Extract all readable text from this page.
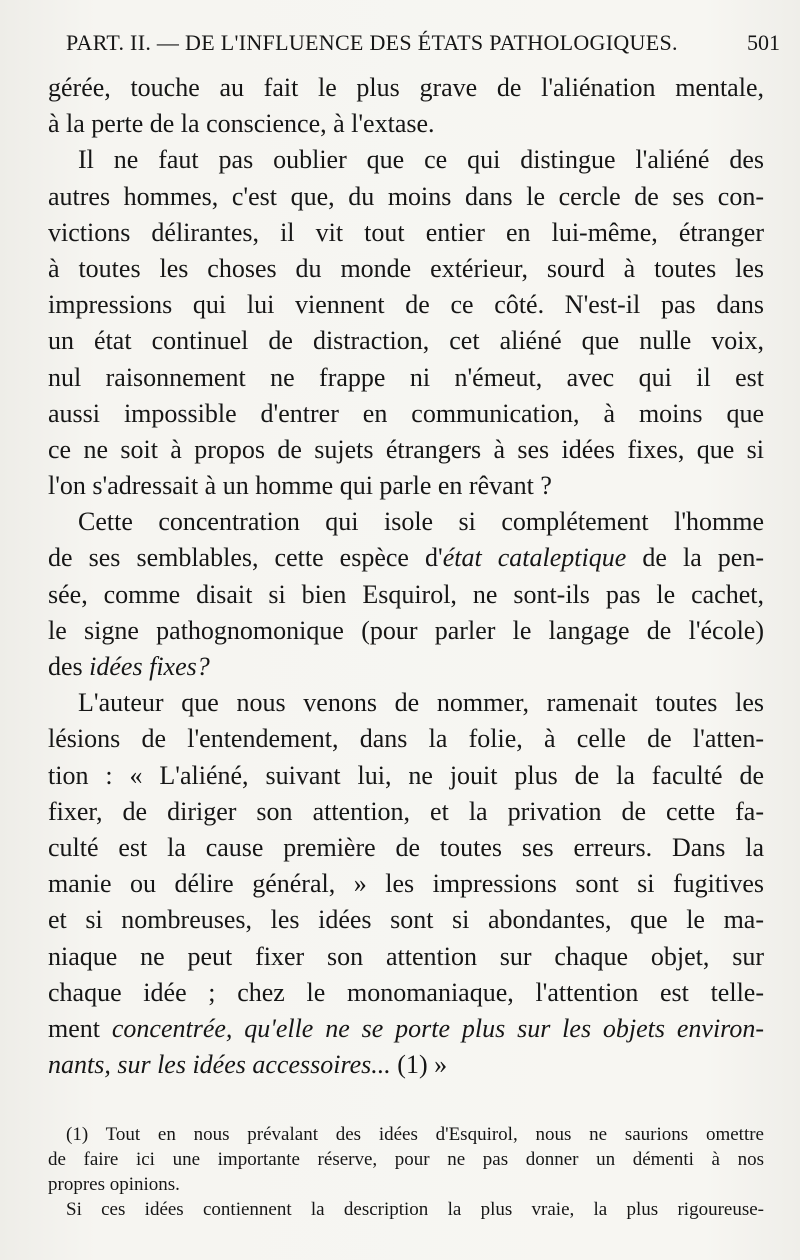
PART. II. — DE L'INFLUENCE DES ÉTATS PATHOLOGIQUES.	501
gérée, touche au fait le plus grave de l'aliénation mentale,
à la perte de la conscience, à l'extase.
Il ne faut pas oublier que ce qui distingue l'aliéné des
autres hommes, c'est que, du moins dans le cercle de ses con-
victions délirantes, il vit tout entier en lui-même, étranger
à toutes les choses du monde extérieur, sourd à toutes les
impressions qui lui viennent de ce côté. N'est-il pas dans
un état continuel de distraction, cet aliéné que nulle voix,
nul raisonnement ne frappe ni n'émeut, avec qui il est
aussi impossible d'entrer en communication, à moins que
ce ne soit à propos de sujets étrangers à ses idées fixes, que si
l'on s'adressait à un homme qui parle en rêvant ?
Cette concentration qui isole si complétement l'homme
de ses semblables, cette espèce d'état cataleptique de la pen-
sée, comme disait si bien Esquirol, ne sont-ils pas le cachet,
le signe pathognomonique (pour parler le langage de l'école)
des idées fixes?
L'auteur que nous venons de nommer, ramenait toutes les
lésions de l'entendement, dans la folie, à celle de l'atten-
tion : « L'aliéné, suivant lui, ne jouit plus de la faculté de
fixer, de diriger son attention, et la privation de cette fa-
culté est la cause première de toutes ses erreurs. Dans la
manie ou délire général, » les impressions sont si fugitives
et si nombreuses, les idées sont si abondantes, que le ma-
niaque ne peut fixer son attention sur chaque objet, sur
chaque idée ; chez le monomaniaque, l'attention est telle-
ment concentrée, qu'elle ne se porte plus sur les objets environ-
nants, sur les idées accessoires... (1) »
(1) Tout en nous prévalant des idées d'Esquirol, nous ne saurions omettre
de faire ici une importante réserve, pour ne pas donner un démenti à nos
propres opinions.
Si ces idées contiennent la description la plus vraie, la plus rigoureuse-
